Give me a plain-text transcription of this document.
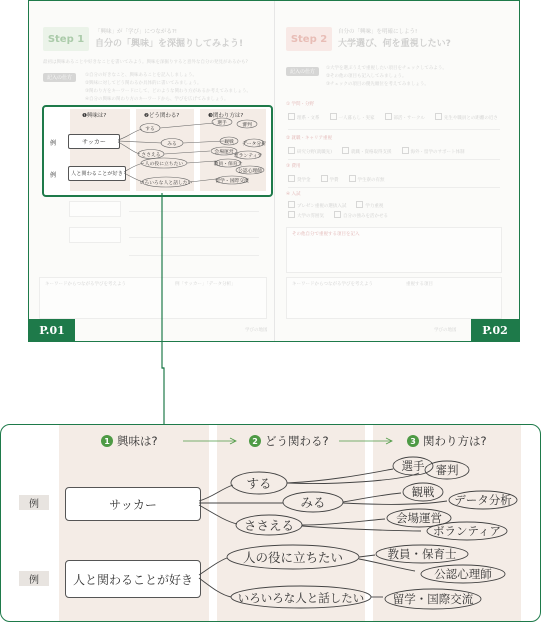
Step 1
「興味」が「学び」につながる?!
自分の「興味」を深掘りしてみよう!
最初は興味あることや好きなことを書いてみよう。興味を深掘りすると意外な自分の発見があるかも?
記入の仕方	①自分の好きなこと、興味あることを記入しましょう。
②興味に対してどう関わるか具体的に書いてみましょう。
③関わり方をキーワードにして、どのような関わり方があるか考えてみましょう。
④自分の興味の関わり方のキーワードから、学びを広げてみましょう。
キーワードからつながる学びを考えよう	例「サッカー」「データ分析」
学びの地図
P.01
Step 2
自分の「興味」を明確にしよう!
大学選び、何を重視したい?
記入の仕方
①大学を選ぶうえで重視したい項目をチェックしてみよう。
②その他の項目も記入してみましょう。
③チェックの項目の優先順位を考えてみましょう。
① 学問・分野
理系・文系	一人暮らし・実家	部活・サークル	先生や職員との距離の近さ
② 就職・キャリア重視
研究分野(就職先)	就職・資格取得支援	海外・留学のサポート体制
③ 費用
奨学金	学費	学生寮の有無
④ 入試
プレゼン重視の選抜入試	学力重視
大学の雰囲気	自分の強みを活かせる
その他自分で重視する項目を記入
キーワードからつながる学びを考えよう	重視する項目
学びの地図	P.02
❶興味は?	❷どう関わる?	❸関わり方は?
例
例
サッカー
人と関わることが好き
する
みる
ささえる
人の役に立ちたい
いろいろな人と話したい
選手	審判
観戦 データ分析
会場運営
ボランティア
教員・保育士
公認心理師
留学・国際交流
1 興味は?	2 どう関わる?	3 関わり方は?
例
例
サッカー
人と関わることが好き
する
みる
ささえる
人の役に立ちたい
いろいろな人と話したい
選手 審判
観戦
データ分析
会場運営
ボランティア
教員・保育士
公認心理師
留学・国際交流
